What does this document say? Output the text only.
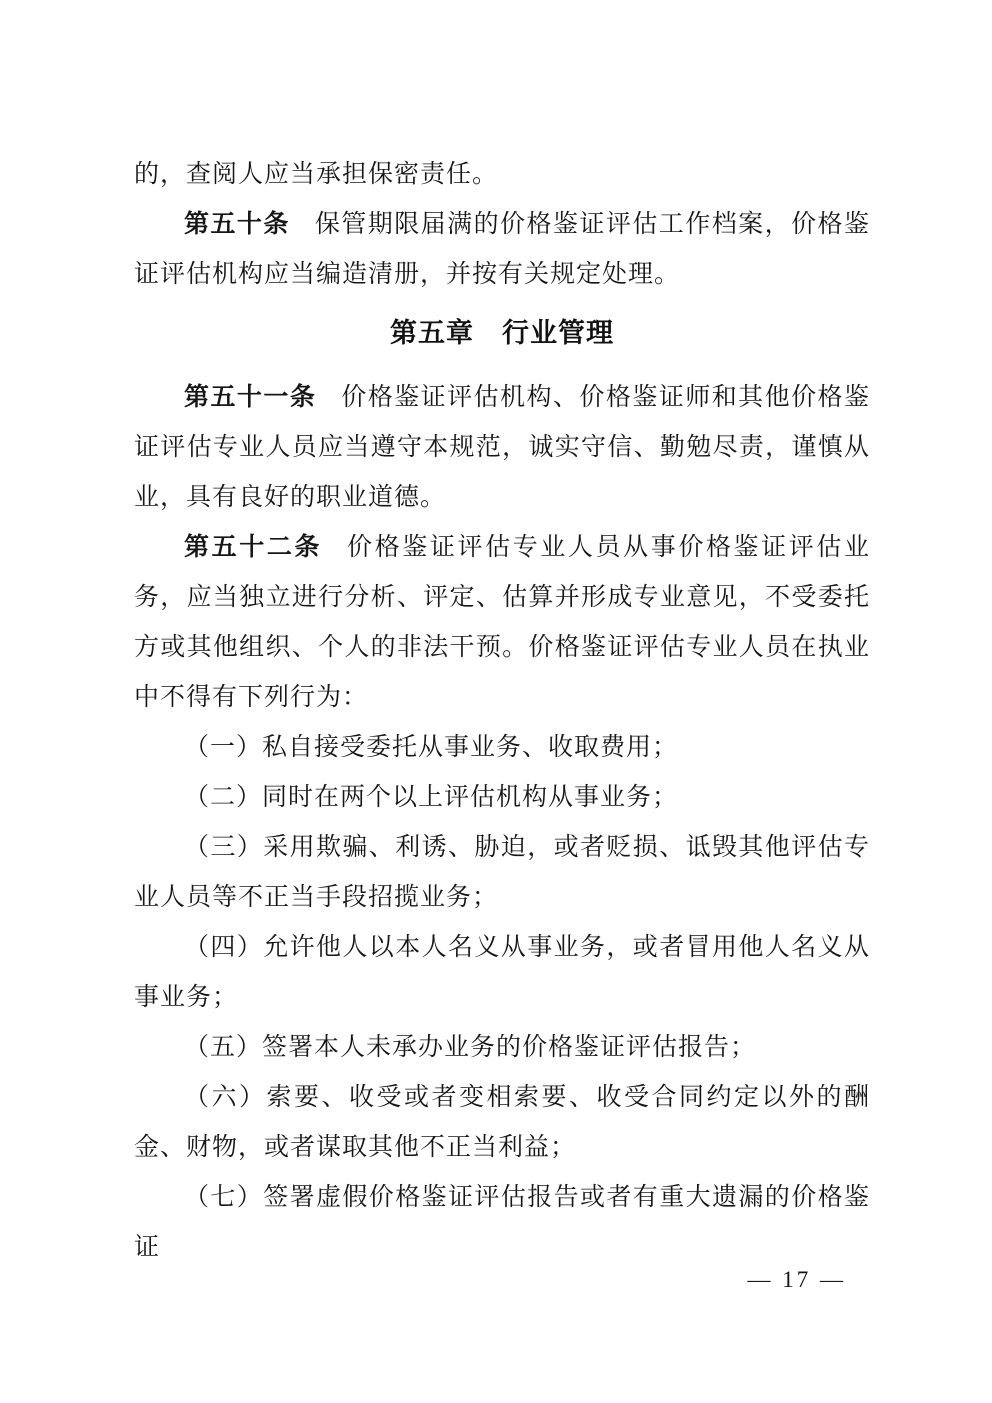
的，查阅人应当承担保密责任。

第五十条 保管期限届满的价格鉴证评估工作档案，价格鉴证评估机构应当编造清册，并按有关规定处理。

第五章　行业管理

第五十一条 价格鉴证评估机构、价格鉴证师和其他价格鉴证评估专业人员应当遵守本规范，诚实守信、勤勉尽责，谨慎从业，具有良好的职业道德。

第五十二条 价格鉴证评估专业人员从事价格鉴证评估业务，应当独立进行分析、评定、估算并形成专业意见，不受委托方或其他组织、个人的非法干预。价格鉴证评估专业人员在执业中不得有下列行为：

（一）私自接受委托从事业务、收取费用；

（二）同时在两个以上评估机构从事业务；

（三）采用欺骗、利诱、胁迫，或者贬损、诋毁其他评估专业人员等不正当手段招揽业务；

（四）允许他人以本人名义从事业务，或者冒用他人名义从事业务；

（五）签署本人未承办业务的价格鉴证评估报告；

（六）索要、收受或者变相索要、收受合同约定以外的酬金、财物，或者谋取其他不正当利益；

（七）签署虚假价格鉴证评估报告或者有重大遗漏的价格鉴证

— 17 —
